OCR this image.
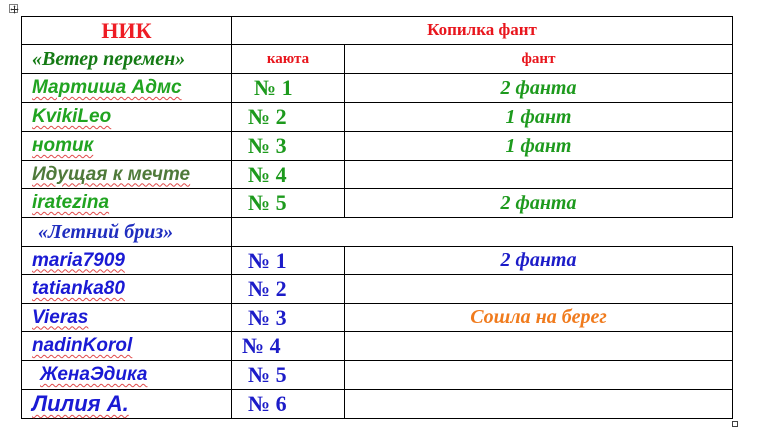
НИК	Копилка фант
«Ветер перемен»	каюта	фант
Мартиша Адмс	№ 1	2 фанта
KvikiLeo	№ 2	1 фант
нотик	№ 3	1 фант
Идущая к мечте	№ 4
iratezina	№ 5	2 фанта
«Летний бриз»
maria7909	№ 1	2 фанта
tatianka80	№ 2
Vieras	№ 3	Сошла на берег
nadinKorol	№ 4
ЖенаЭдика	№ 5
Лилия А.	№ 6
